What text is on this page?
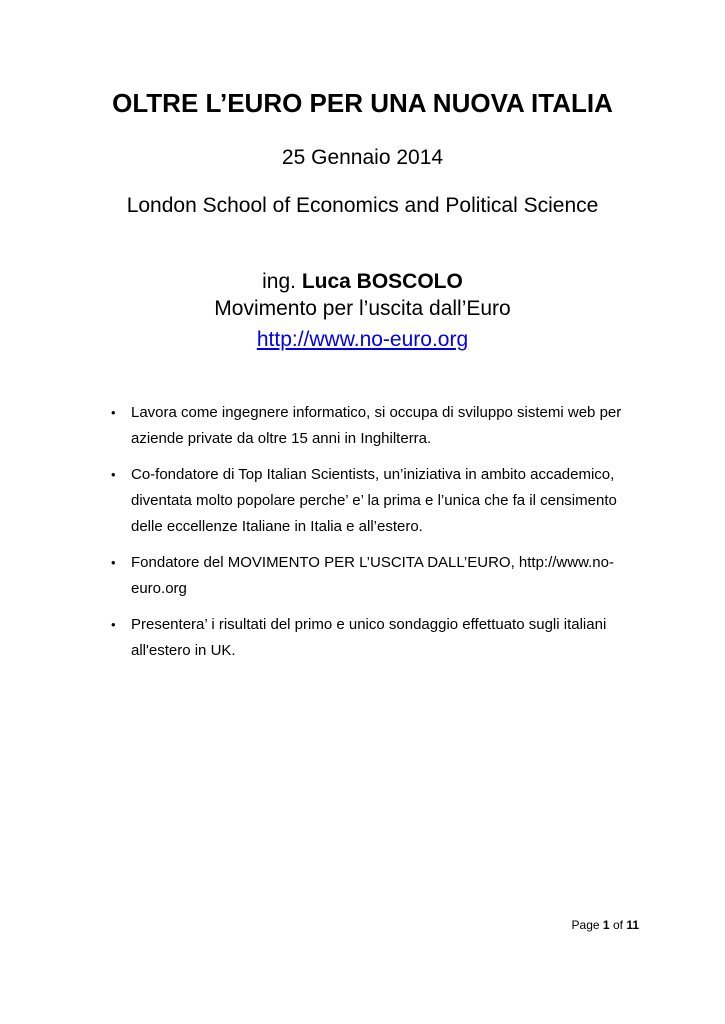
OLTRE L’EURO PER UNA NUOVA ITALIA

25 Gennaio 2014

London School of Economics and Political Science

ing. Luca BOSCOLO

Movimento per l’uscita dall’Euro

http://www.no-euro.org

• Lavora come ingegnere informatico, si occupa di sviluppo sistemi web per aziende private da oltre 15 anni in Inghilterra.
• Co-fondatore di Top Italian Scientists, un’iniziativa in ambito accademico, diventata molto popolare perche’ e’ la prima e l’unica che fa il censimento delle eccellenze Italiane in Italia e all’estero.
• Fondatore del MOVIMENTO PER L’USCITA DALL’EURO, http://www.no-euro.org
• Presentera’ i risultati del primo e unico sondaggio effettuato sugli italiani all'estero in UK.
Page 1 of 11
